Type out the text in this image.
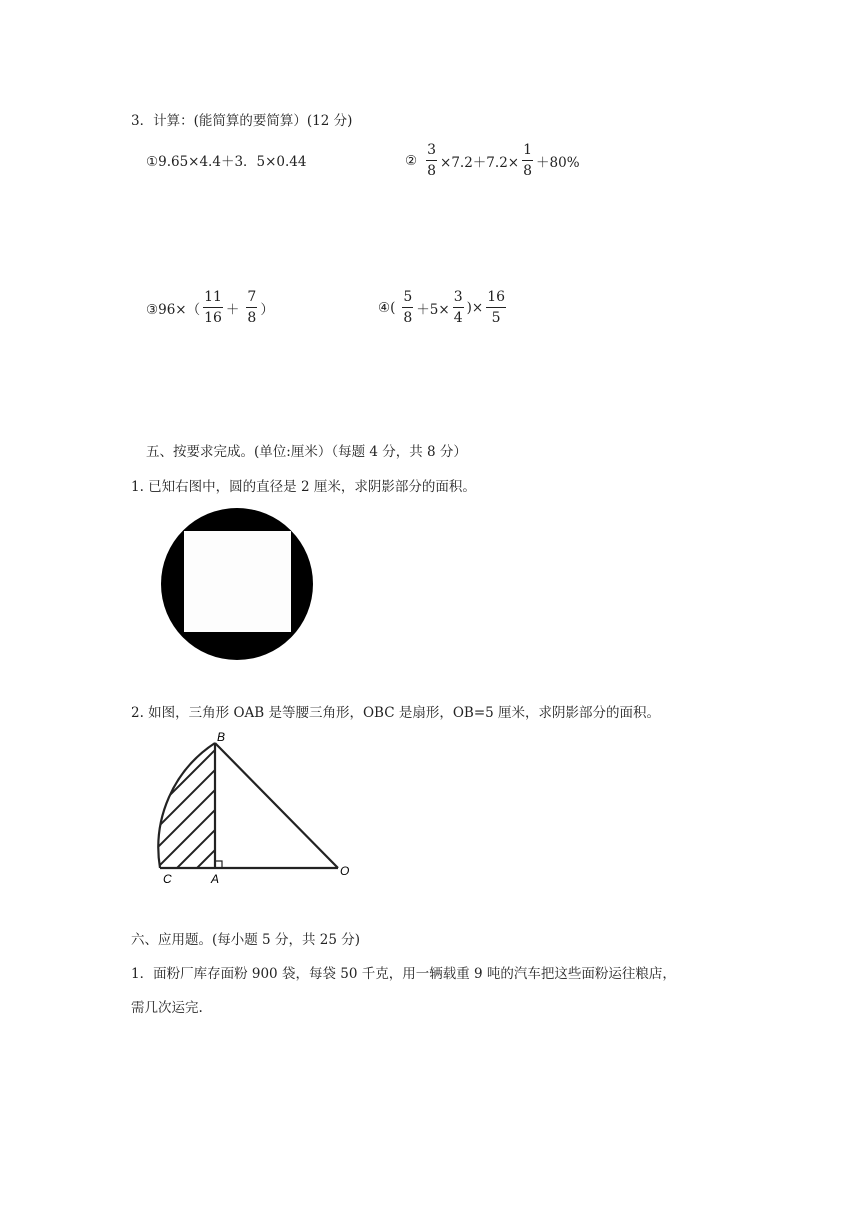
3．计算：(能简算的要简算）(12 分)
①9.65×4.4＋3．5×0.44	② $\frac{3}{8} \times 7.2+7.2\times \frac{1}{8} +80\%$
③96×（ $\frac{11}{16} + \frac{7}{8}$ ）	④( $\frac{5}{8} +5\times \frac{3}{4}$ )× $\frac{16}{5}$
五、按要求完成。(单位:厘米）（每题 4 分，共 8 分）
1. 已知右图中，圆的直径是 2 厘米，求阴影部分的面积。
2. 如图，三角形 OAB 是等腰三角形，OBC 是扇形，OB=5 厘米，求阴影部分的面积。
B
C	A
O
六、应用题。(每小题 5 分，共 25 分)
1．面粉厂库存面粉 900 袋，每袋 50 千克，用一辆载重 9 吨的汽车把这些面粉运往粮店，
需几次运完.
